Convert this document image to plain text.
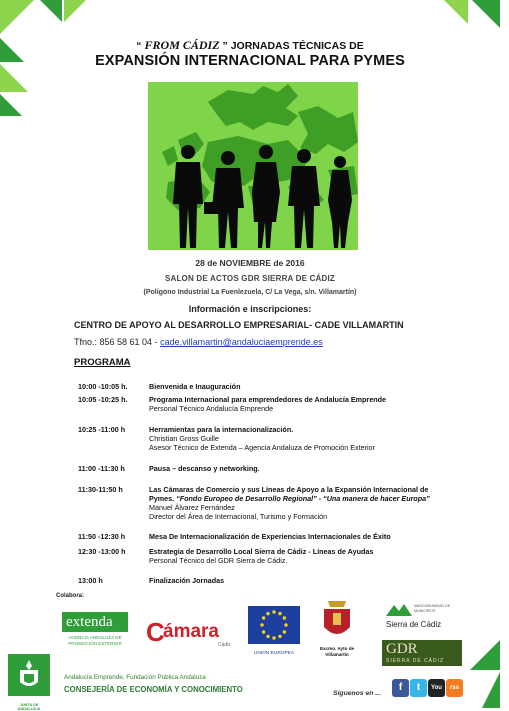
“ FROM CÁDIZ ” JORNADAS TÉCNICAS DE
EXPANSIÓN INTERNACIONAL PARA PYMES
28 de NOVIEMBRE de 2016
SALON DE ACTOS GDR SIERRA DE CÁDIZ
(Polígono Industrial La Fuenlezuela, C/ La Vega, s/n. Villamartín)
Información e inscripciones:
CENTRO DE APOYO AL DESARROLLO EMPRESARIAL- CADE VILLAMARTIN
Tfno.: 856 58 61 04 - cade.villamartin@andaluciaemprende.es
PROGRAMA
10:00 -10:05 h.	Bienvenida e Inauguración
10:05 -10:25 h.	Programa Internacional para emprendedores de Andalucía Emprende
Personal Técnico Andalucía Emprende
10:25 -11:00 h	Herramientas para la internacionalización.
Christian Gross Guille
Asesor Técnico de Extenda – Agencia Andaluza de Promoción Exterior
11:00 -11:30 h	Pausa – descanso y networking.
11:30-11:50 h	Las Cámaras de Comercio y sus Líneas de Apoyo a la Expansión Internacional de
Pymes. “Fondo Europeo de Desarrollo Regional” - “Una manera de hacer Europa”
Manuel Álvarez Fernández
Director del Área de Internacional, Turismo y Formación
11:50 -12:30 h	Mesa De Internacionalización de Experiencias Internacionales de Éxito
12:30 -13:00 h	Estrategia de Desarrollo Local Sierra de Cádiz - Líneas de Ayudas
Personal Técnico del GDR Sierra de Cádiz.
13:00 h	Finalización Jornadas
Colabora:
extenda
AGENCIA ANDALUZA DE
PROMOCIÓN EXTERIOR C
ámara
Cádiz
UNIÓN EUROPEA
Excmo. Ayto de
Villamartín
MANCOMUNIDAD DE MUNICIPIOS
Sierra de Cádiz
GDR
SIERRA DE CÁDIZ
JUNTA DE ANDALUCIA
Andalucía Emprende, Fundación Pública Andaluza
CONSEJERÍA DE ECONOMÍA Y CONOCIMIENTO	Síguenos en ...
f	t	You	rss
